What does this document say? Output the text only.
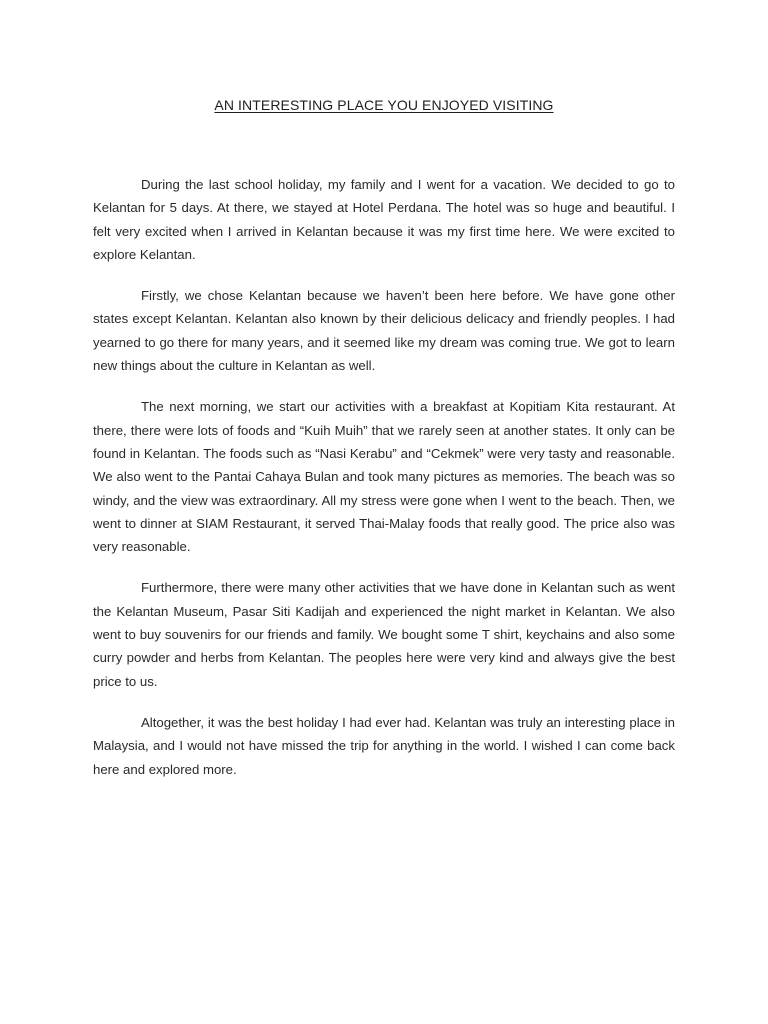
AN INTERESTING PLACE YOU ENJOYED VISITING

During the last school holiday, my family and I went for a vacation. We decided to go to Kelantan for 5 days. At there, we stayed at Hotel Perdana. The hotel was so huge and beautiful. I felt very excited when I arrived in Kelantan because it was my first time here. We were excited to explore Kelantan.

Firstly, we chose Kelantan because we haven’t been here before. We have gone other states except Kelantan. Kelantan also known by their delicious delicacy and friendly peoples. I had yearned to go there for many years, and it seemed like my dream was coming true. We got to learn new things about the culture in Kelantan as well.

The next morning, we start our activities with a breakfast at Kopitiam Kita restaurant. At there, there were lots of foods and “Kuih Muih” that we rarely seen at another states. It only can be found in Kelantan. The foods such as “Nasi Kerabu” and “Cekmek” were very tasty and reasonable. We also went to the Pantai Cahaya Bulan and took many pictures as memories. The beach was so windy, and the view was extraordinary. All my stress were gone when I went to the beach. Then, we went to dinner at SIAM Restaurant, it served Thai-Malay foods that really good. The price also was very reasonable.

Furthermore, there were many other activities that we have done in Kelantan such as went the Kelantan Museum, Pasar Siti Kadijah and experienced the night market in Kelantan. We also went to buy souvenirs for our friends and family. We bought some T shirt, keychains and also some curry powder and herbs from Kelantan. The peoples here were very kind and always give the best price to us.

Altogether, it was the best holiday I had ever had. Kelantan was truly an interesting place in Malaysia, and I would not have missed the trip for anything in the world. I wished I can come back here and explored more.
